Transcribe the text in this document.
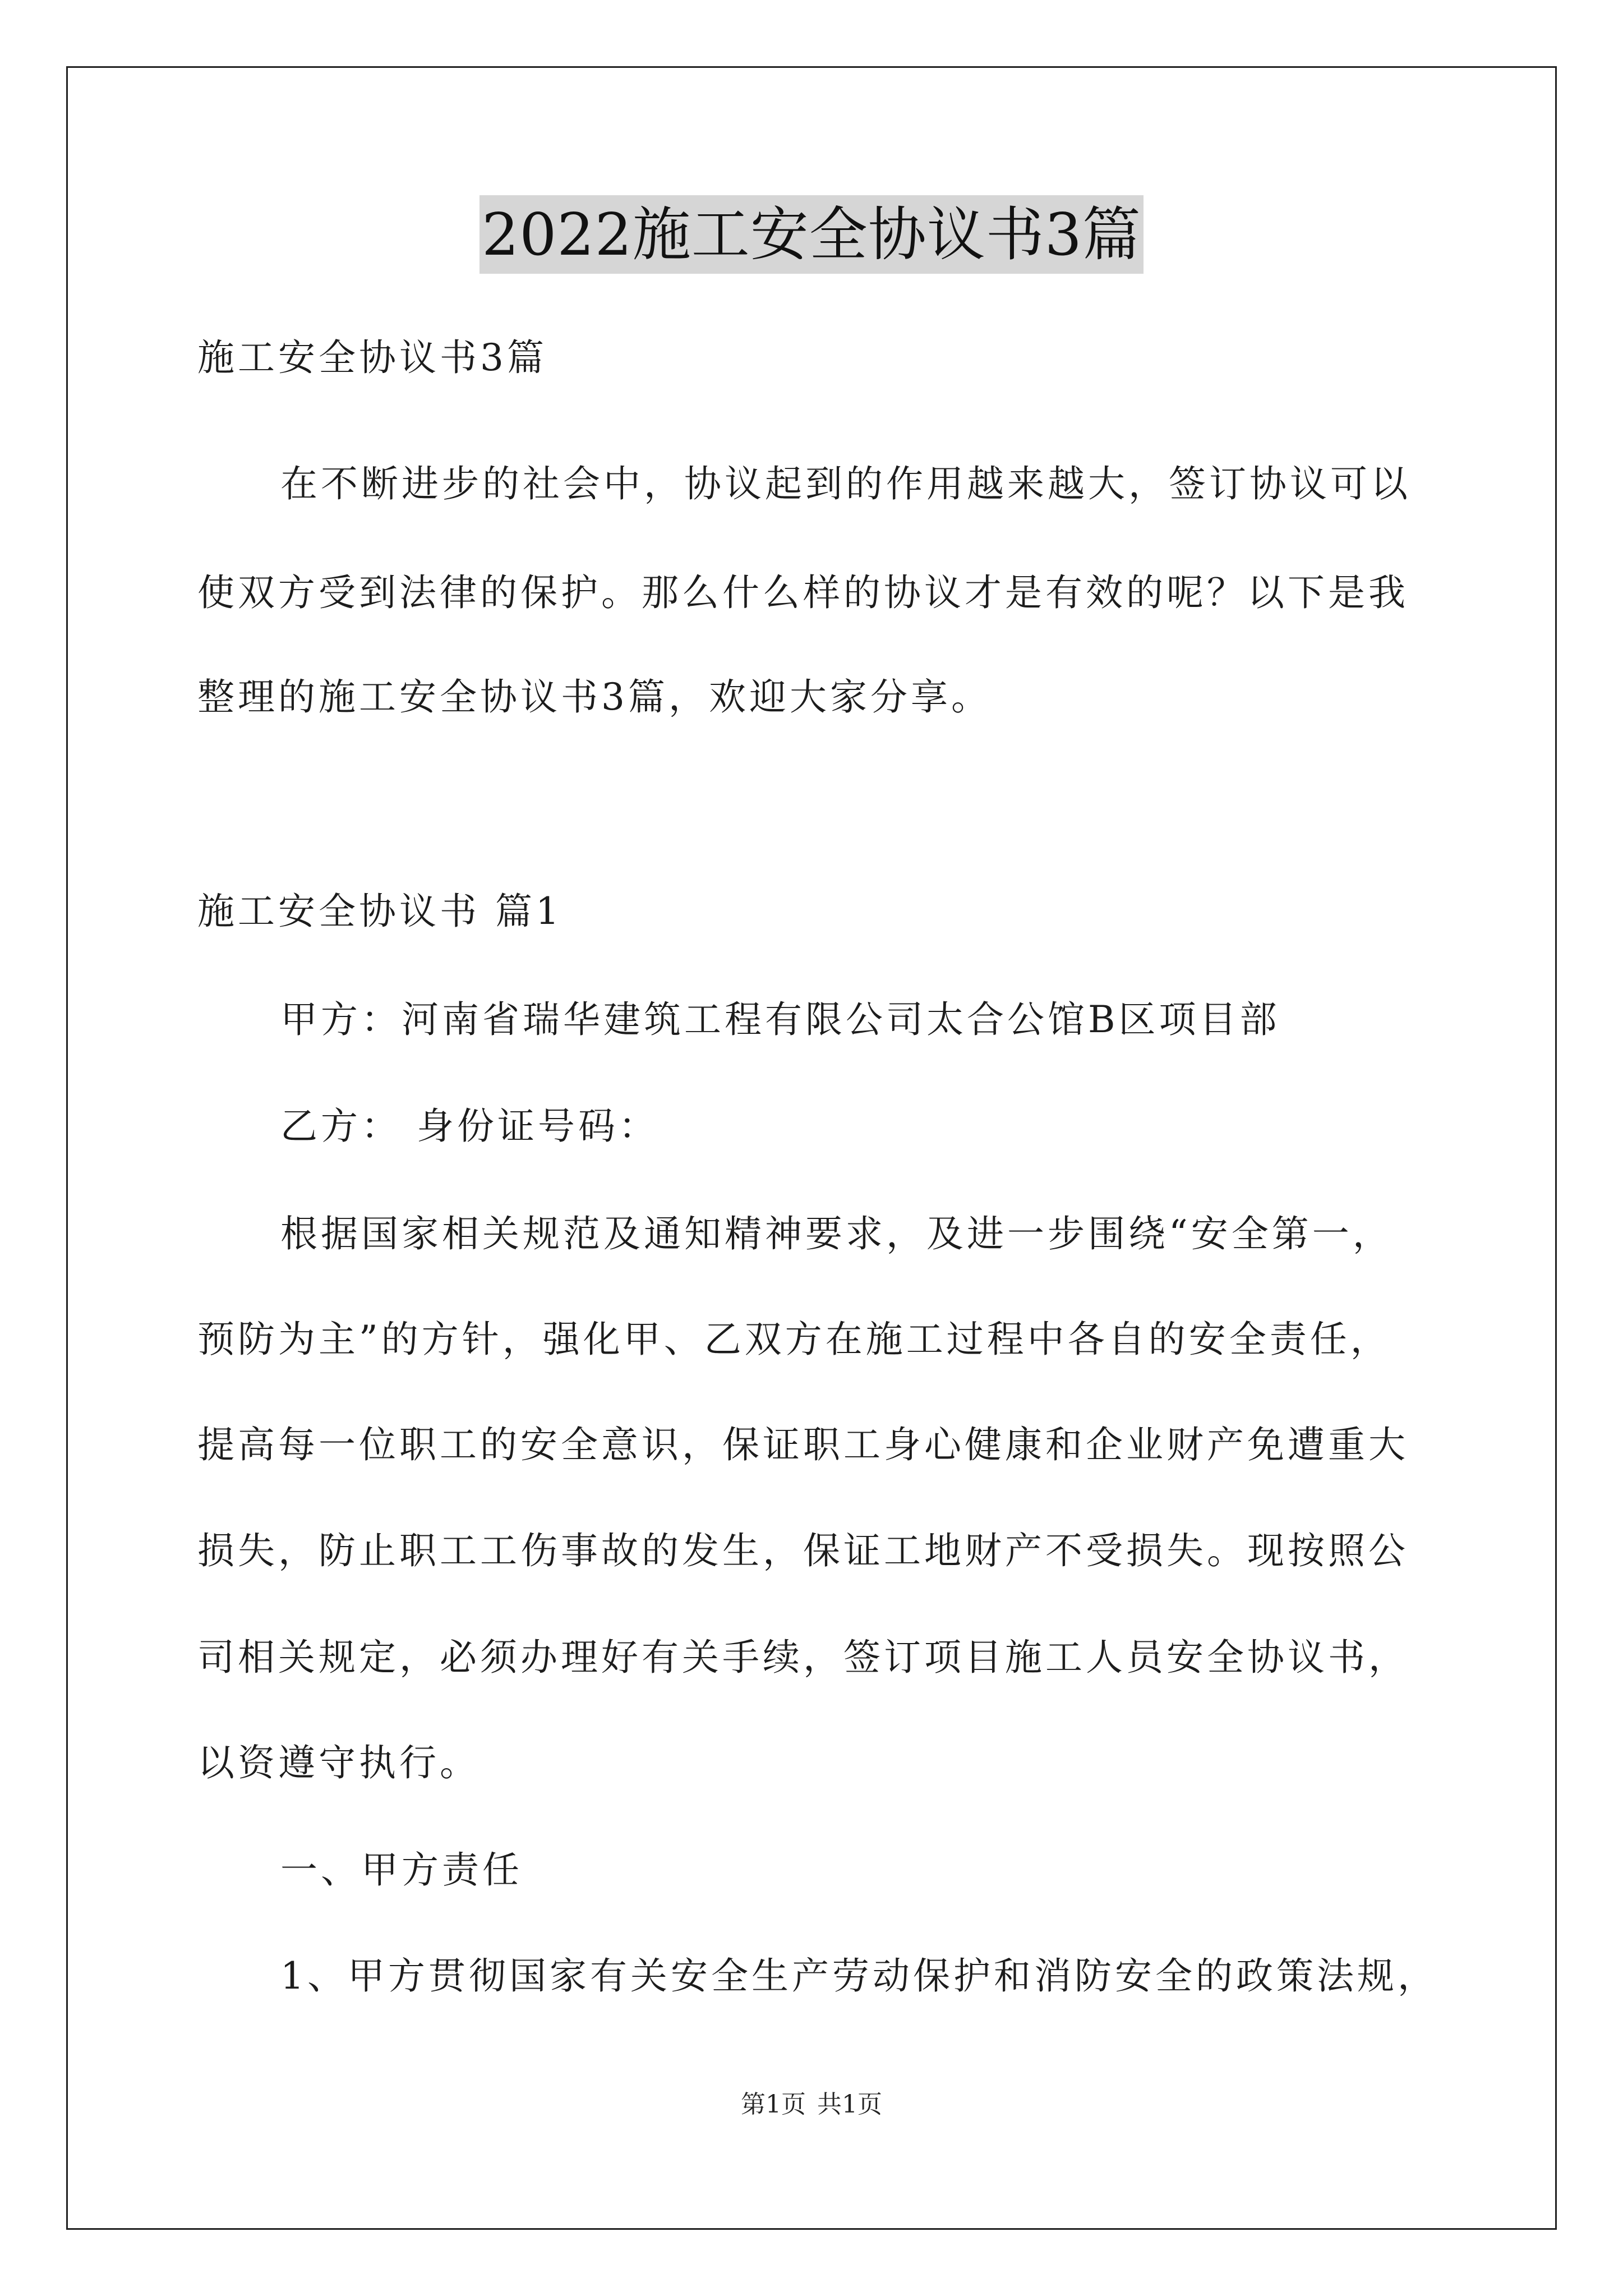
2022施工安全协议书3篇
施工安全协议书3篇
在不断进步的社会中，协议起到的作用越来越大，签订协议可以
使双方受到法律的保护。那么什么样的协议才是有效的呢？以下是我
整理的施工安全协议书3篇，欢迎大家分享。
施工安全协议书 篇1
甲方：河南省瑞华建筑工程有限公司太合公馆B区项目部
乙方： 身份证号码：
根据国家相关规范及通知精神要求，及进一步围绕“安全第一，
预防为主”的方针，强化甲、乙双方在施工过程中各自的安全责任，
提高每一位职工的安全意识，保证职工身心健康和企业财产免遭重大
损失，防止职工工伤事故的发生，保证工地财产不受损失。现按照公
司相关规定，必须办理好有关手续，签订项目施工人员安全协议书，
以资遵守执行。
一、甲方责任
1、甲方贯彻国家有关安全生产劳动保护和消防安全的政策法规，
第1页 共1页
